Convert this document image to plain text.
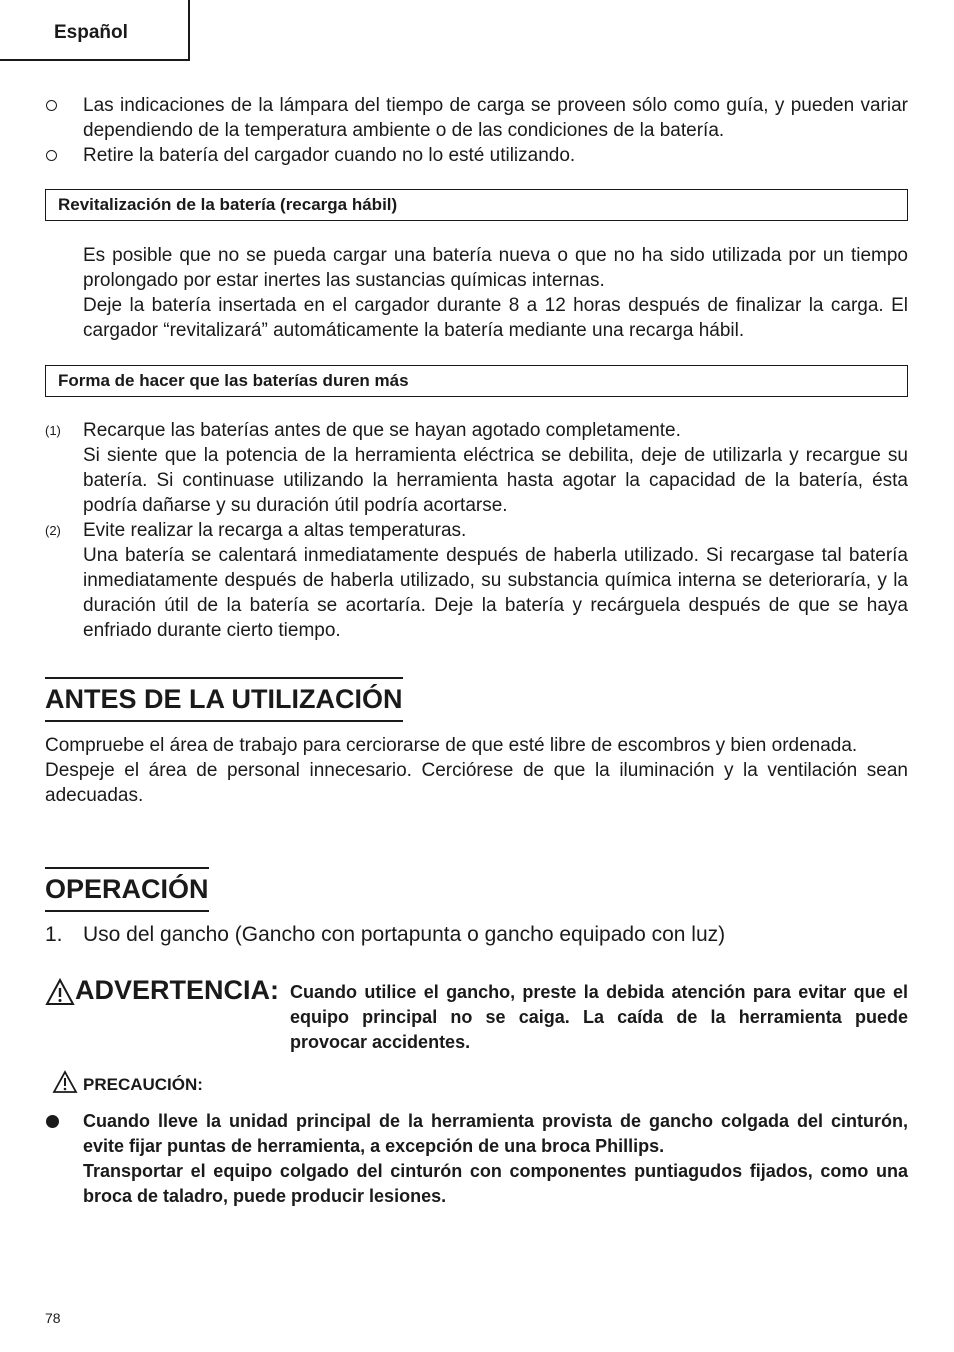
Español
Las indicaciones de la lámpara del tiempo de carga se proveen sólo como guía, y pueden variar dependiendo de la temperatura ambiente o de las condiciones de la batería.
Retire la batería del cargador cuando no lo esté utilizando.
Revitalización de la batería (recarga hábil)
Es posible que no se pueda cargar una batería nueva o que no ha sido utilizada por un tiempo prolongado por estar inertes las sustancias químicas internas.
Deje la batería insertada en el cargador durante 8 a 12 horas después de finalizar la carga. El cargador “revitalizará” automáticamente la batería mediante una recarga hábil.
Forma de hacer que las baterías duren más
(1) Recarque las baterías antes de que se hayan agotado completamente.
Si siente que la potencia de la herramienta eléctrica se debilita, deje de utilizarla y recargue su batería. Si continuase utilizando la herramienta hasta agotar la capacidad de la batería, ésta podría dañarse y su duración útil podría acortarse.
(2) Evite realizar la recarga a altas temperaturas.
Una batería se calentará inmediatamente después de haberla utilizado. Si recargase tal batería inmediatamente después de haberla utilizado, su substancia química interna se deterioraría, y la duración útil de la batería se acortaría. Deje la batería y recárguela después de que se haya enfriado durante cierto tiempo.
ANTES DE LA UTILIZACIÓN
Compruebe el área de trabajo para cerciorarse de que esté libre de escombros y bien ordenada.
Despeje el área de personal innecesario. Cerciórese de que la iluminación y la ventilación sean adecuadas.
OPERACIÓN
1. Uso del gancho (Gancho con portapunta o gancho equipado con luz)
ADVERTENCIA: Cuando utilice el gancho, preste la debida atención para evitar que el equipo principal no se caiga. La caída de la herramienta puede provocar accidentes.
PRECAUCIÓN:
Cuando lleve la unidad principal de la herramienta provista de gancho colgada del cinturón, evite fijar puntas de herramienta, a excepción de una broca Phillips.
Transportar el equipo colgado del cinturón con componentes puntiagudos fijados, como una broca de taladro, puede producir lesiones.
78
